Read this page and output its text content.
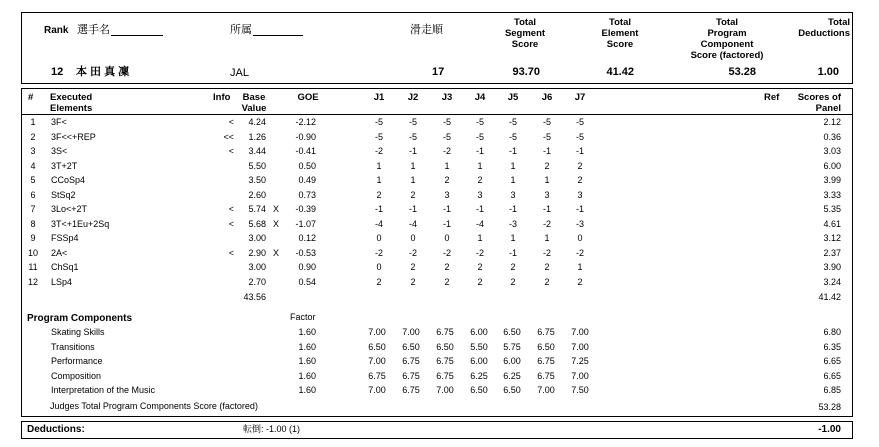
Rank 選手名	所属	滑走順
Total
Segment
Score
Total
Element
Score
Total
Program
Component
Score (factored)
Total
Deductions
12 本 田 真 凜	JAL	17	93.70	41.42	53.28	1.00
# Executed
Elements
Info	Base
Value
GOE	J1	J2	J3	J4	J5	J6	J7	Ref	Scores of
Panel
1	3F<	<	4.24	-2.12	-5	-5	-5	-5	-5	-5	-5	2.12
2	3F<<+REP	<<	1.26	-0.90	-5	-5	-5	-5	-5	-5	-5	0.36
3	3S<	<	3.44	-0.41	-2	-1	-2	-1	-1	-1	-1	3.03
4	3T+2T	5.50	0.50	1	1	1	1	1	2	2	6.00
5	CCoSp4	3.50	0.49	1	1	2	2	1	1	2	3.99
6	StSq2	2.60	0.73	2	2	3	3	3	3	3	3.33
7	3Lo<+2T	<	5.74 X	-0.39	-1	-1	-1	-1	-1	-1	-1	5.35
8	3T<+1Eu+2Sq	<	5.68 X	-1.07	-4	-4	-1	-4	-3	-2	-3	4.61
9	FSSp4	3.00	0.12	0	0	0	1	1	1	0	3.12
10 2A<	<	2.90 X	-0.53	-2	-2	-2	-2	-1	-2	-2	2.37
11 ChSq1	3.00	0.90	0	2	2	2	2	2	1	3.90
12 LSp4	2.70	0.54	2	2	2	2	2	2	2	3.24
43.56	41.42
Program Components	Factor
Skating Skills	1.60	7.00	7.00	6.75	6.00	6.50	6.75	7.00	6.80
Transitions	1.60	6.50	6.50	6.50	5.50	5.75	6.50	7.00	6.35
Performance	1.60	7.00	6.75	6.75	6.00	6.00	6.75	7.25	6.65
Composition	1.60	6.75	6.75	6.75	6.25	6.25	6.75	7.00	6.65
Interpretation of the Music	1.60	7.00	6.75	7.00	6.50	6.50	7.00	7.50	6.85
Judges Total Program Components Score (factored)	53.28
Deductions:	転倒: -1.00 (1)	-1.00
